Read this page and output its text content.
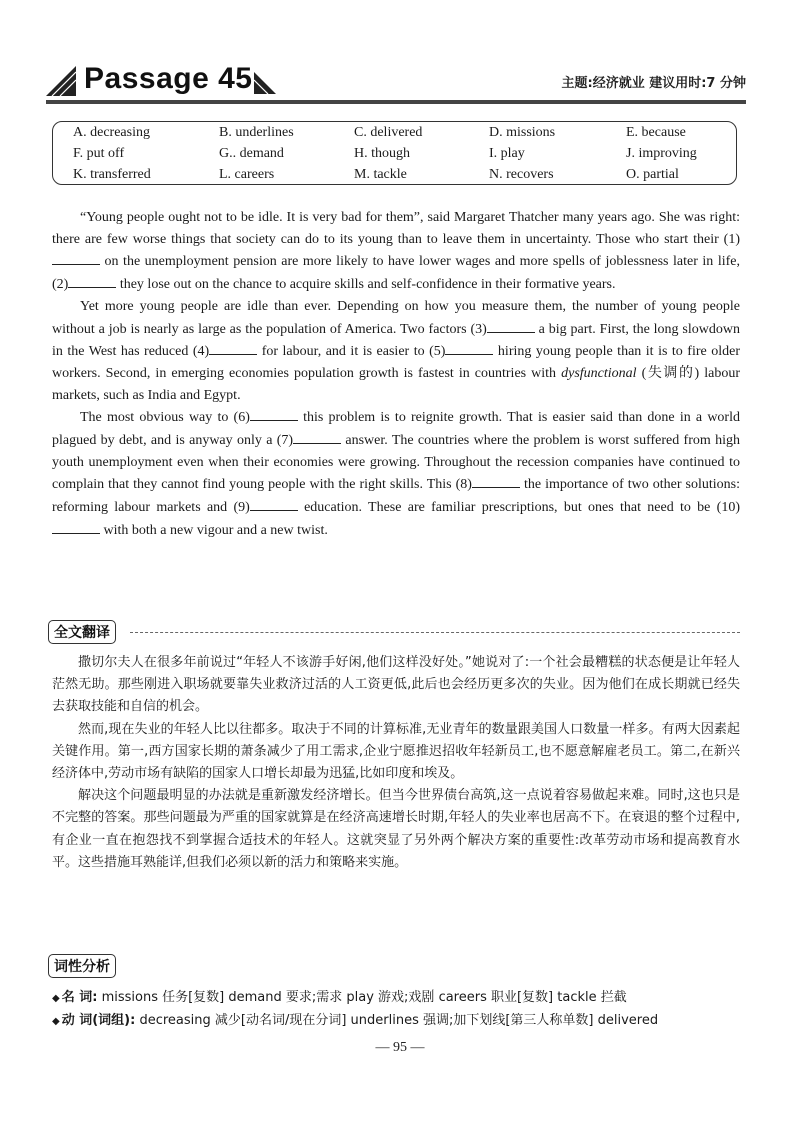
Passage 45	主题:经济就业 建议用时:7 分钟
A. decreasing	B. underlines	C. delivered	D. missions	E. because
F. put off	G.. demand	H. though	I. play	J. improving
K. transferred	L. careers	M. tackle	N. recovers	O. partial

“Young people ought not to be idle. It is very bad for them”, said Margaret Thatcher many years ago. She was right: there are few worse things that society can do to its young than to leave them in uncertainty. Those who start their (1) on the unemployment pension are more likely to have lower wages and more spells of joblessness later in life, (2)	they lose out on the chance to acquire skills and self-confidence in their formative years.

Yet more young people are idle than ever. Depending on how you measure them, the number of young people without a job is nearly as large as the population of America. Two factors (3)	a big part. First, the long slowdown in the West has reduced (4)	for labour, and it is easier to (5)	hiring young people than it is to fire older workers. Second, in emerging economies population growth is fastest in countries with dysfunctional (失调的) labour markets, such as India and Egypt.

The most obvious way to (6)	this problem is to reignite growth. That is easier said than done in a world plagued by debt, and is anyway only a (7)	answer. The countries where the problem is worst suffered from high youth unemployment even when their economies were growing. Throughout the recession companies have continued to complain that they cannot find young people with the right skills. This (8)	the importance of two other solutions: reforming labour markets and (9)	education. These are familiar prescriptions, but ones that need to be (10) with both a new vigour and a new twist.

全文翻译

撒切尔夫人在很多年前说过“年轻人不该游手好闲,他们这样没好处。”她说对了:一个社会最糟糕的状态便是让年轻人茫然无助。那些刚进入职场就要靠失业救济过活的人工资更低,此后也会经历更多次的失业。因为他们在成长期就已经失去获取技能和自信的机会。

然而,现在失业的年轻人比以往都多。取决于不同的计算标准,无业青年的数量跟美国人口数量一样多。有两大因素起关键作用。第一,西方国家长期的萧条减少了用工需求,企业宁愿推迟招收年轻新员工,也不愿意解雇老员工。第二,在新兴经济体中,劳动市场有缺陷的国家人口增长却最为迅猛,比如印度和埃及。

解决这个问题最明显的办法就是重新激发经济增长。但当今世界债台高筑,这一点说着容易做起来难。同时,这也只是不完整的答案。那些问题最为严重的国家就算是在经济高速增长时期,年轻人的失业率也居高不下。在衰退的整个过程中,有企业一直在抱怨找不到掌握合适技术的年轻人。这就突显了另外两个解决方案的重要性:改革劳动市场和提高教育水平。这些措施耳熟能详,但我们必须以新的活力和策略来实施。

词性分析
◆ 名 词: missions 任务[复数] demand 要求;需求 play 游戏;戏剧 careers 职业[复数] tackle 拦截
◆ 动 词(词组): decreasing 减少[动名词/现在分词] underlines 强调;加下划线[第三人称单数] delivered
— 95 —
